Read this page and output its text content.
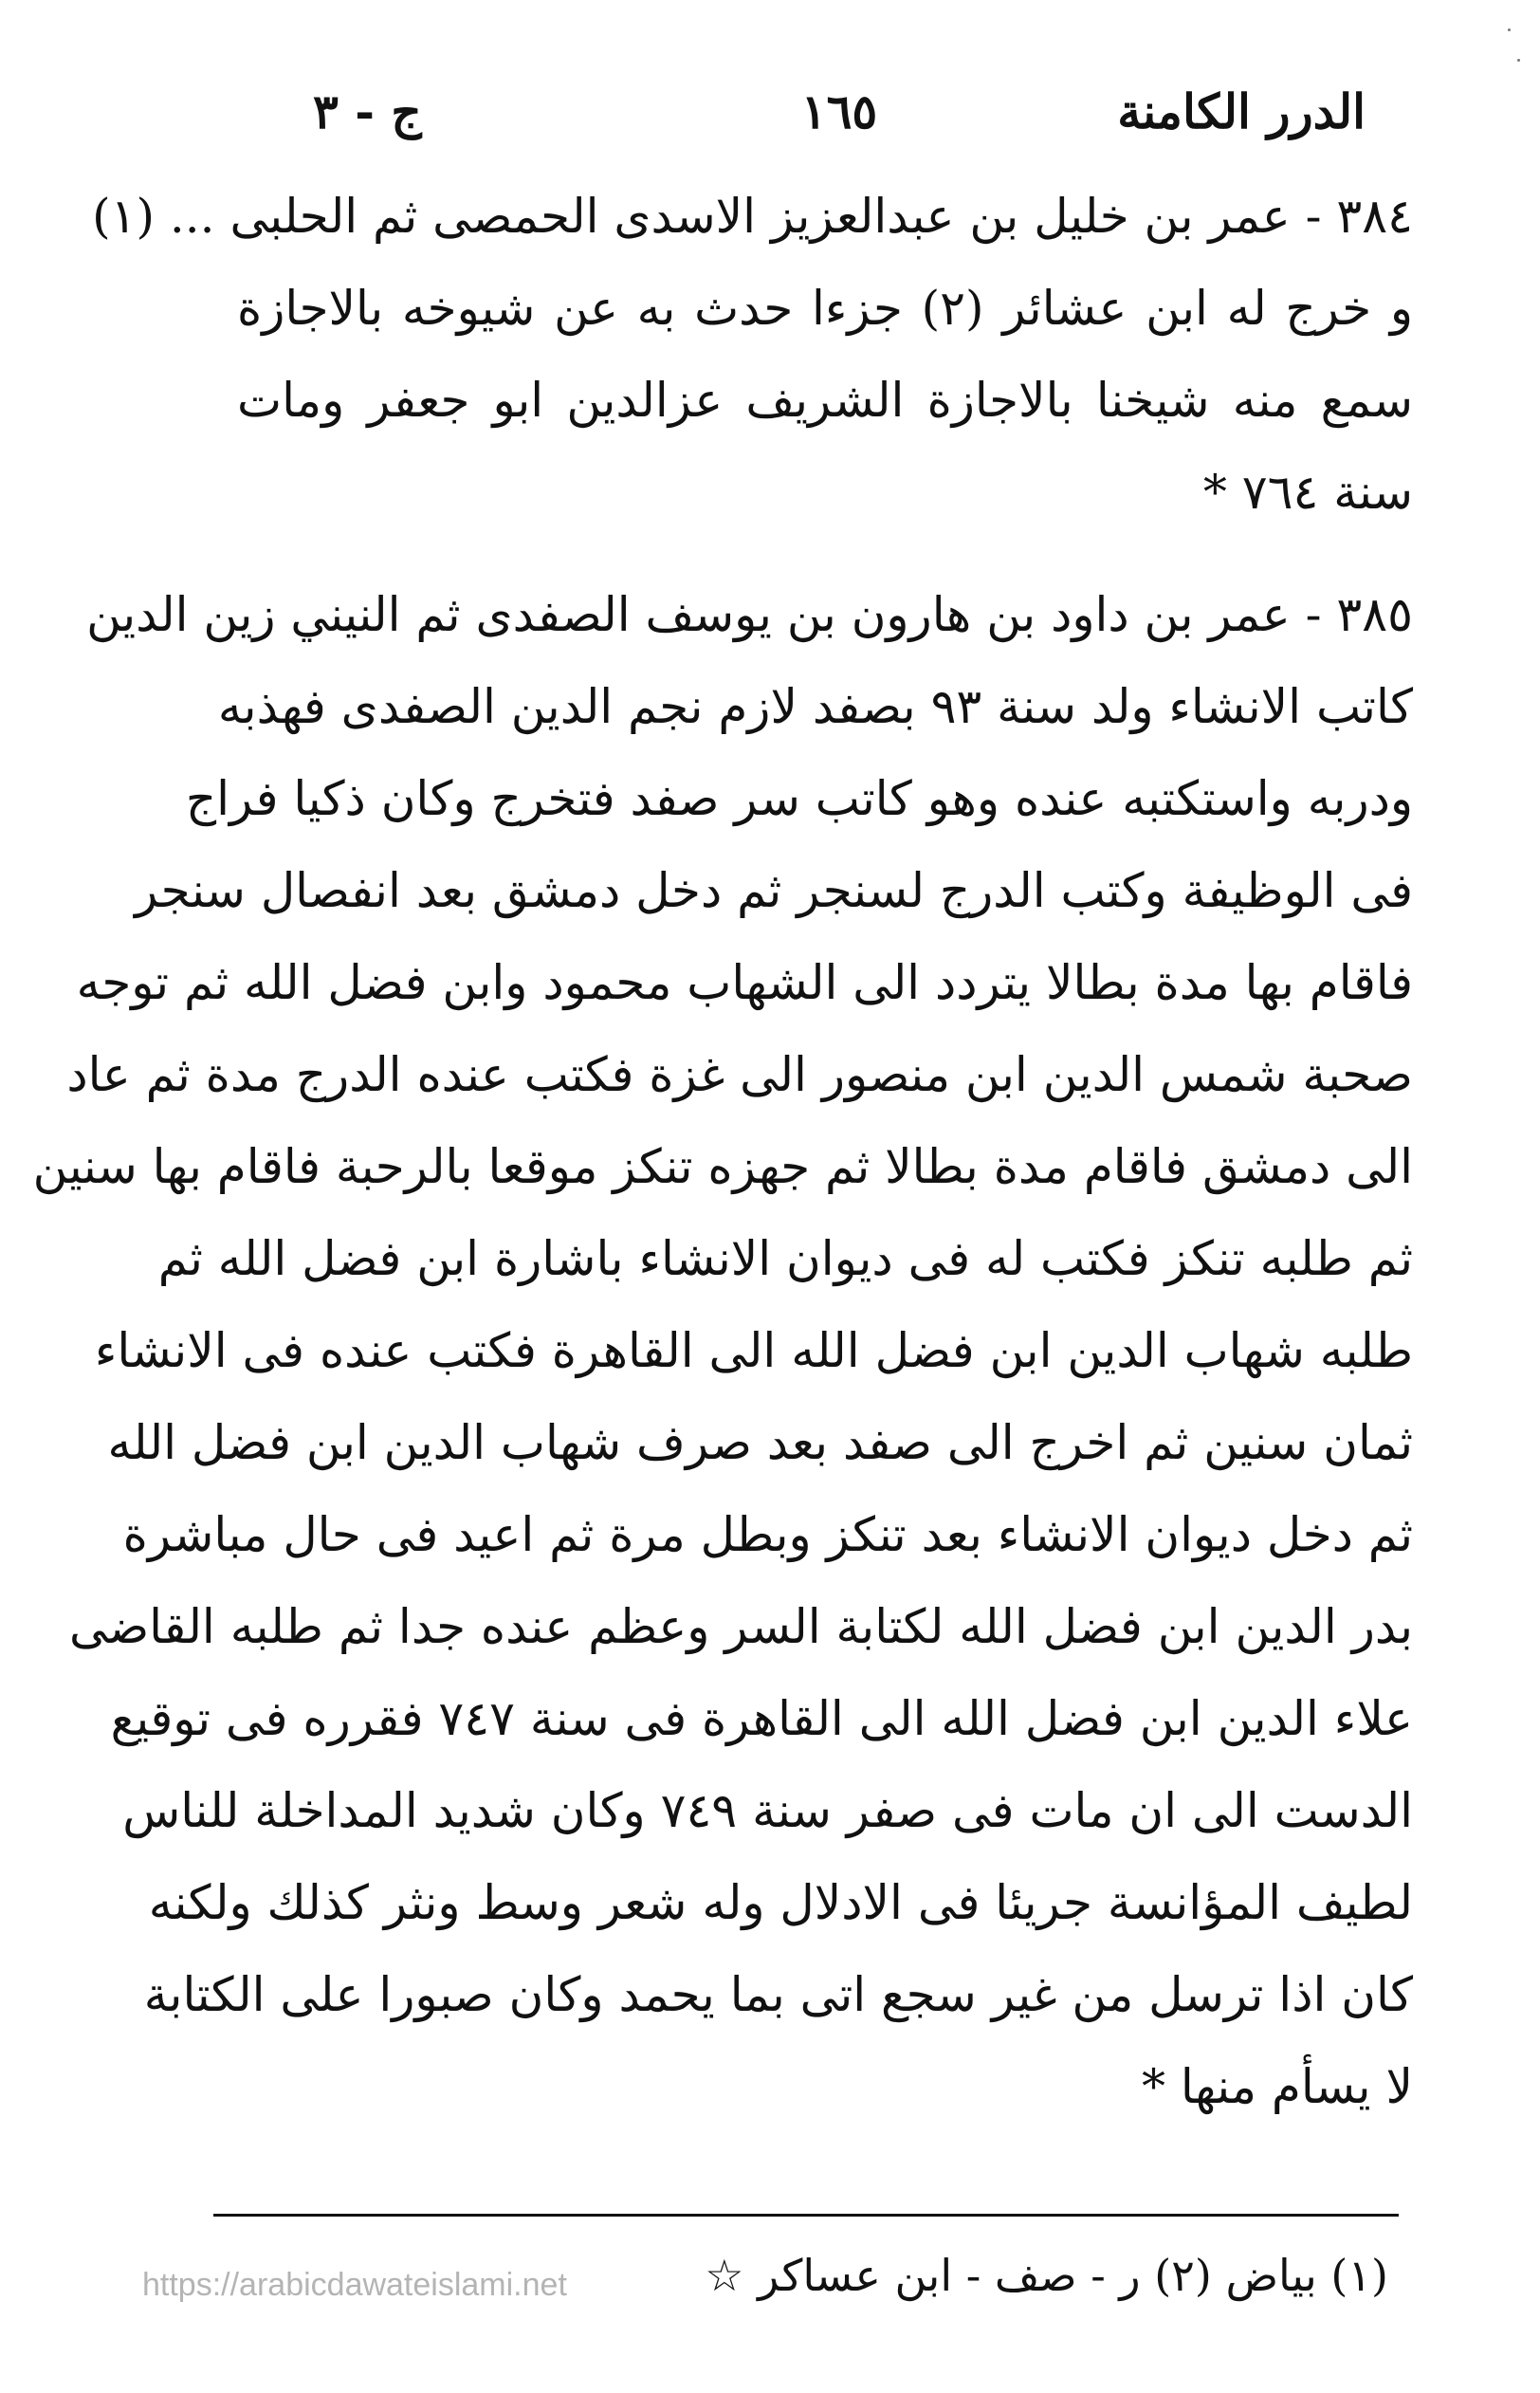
الدرر الكامنة
١٦٥
ج - ٣
٣٨٤ - عمر بن خليل بن عبدالعزيز الاسدى الحمصى ثم الحلبى ... (١)
و خرج له ابن عشائر (٢) جزءا حدث به عن شيوخه بالاجازة
سمع منه شيخنا بالاجازة الشريف عزالدين ابو جعفر ومات
سنة ٧٦٤ *
٣٨٥ - عمر بن داود بن هارون بن يوسف الصفدى ثم النيني زين الدين
كاتب الانشاء ولد سنة ٩٣ بصفد لازم نجم الدين الصفدى فهذبه
ودربه واستكتبه عنده وهو كاتب سر صفد فتخرج وكان ذكيا فراج
فى الوظيفة وكتب الدرج لسنجر ثم دخل دمشق بعد انفصال سنجر
فاقام بها مدة بطالا يتردد الى الشهاب محمود وابن فضل الله ثم توجه
صحبة شمس الدين ابن منصور الى غزة فكتب عنده الدرج مدة ثم عاد
الى دمشق فاقام مدة بطالا ثم جهزه تنكز موقعا بالرحبة فاقام بها سنين
ثم طلبه تنكز فكتب له فى ديوان الانشاء باشارة ابن فضل الله ثم
طلبه شهاب الدين ابن فضل الله الى القاهرة فكتب عنده فى الانشاء
ثمان سنين ثم اخرج الى صفد بعد صرف شهاب الدين ابن فضل الله
ثم دخل ديوان الانشاء بعد تنكز وبطل مرة ثم اعيد فى حال مباشرة
بدر الدين ابن فضل الله لكتابة السر وعظم عنده جدا ثم طلبه القاضى
علاء الدين ابن فضل الله الى القاهرة فى سنة ٧٤٧ فقرره فى توقيع
الدست الى ان مات فى صفر سنة ٧٤٩ وكان شديد المداخلة للناس
لطيف المؤانسة جريئا فى الادلال وله شعر وسط ونثر كذلك ولكنه
كان اذا ترسل من غير سجع اتى بما يحمد وكان صبورا على الكتابة
لا يسأم منها *
(١) بياض (٢) ر - صف - ابن عساكر ☆
https://arabicdawateislami.net
